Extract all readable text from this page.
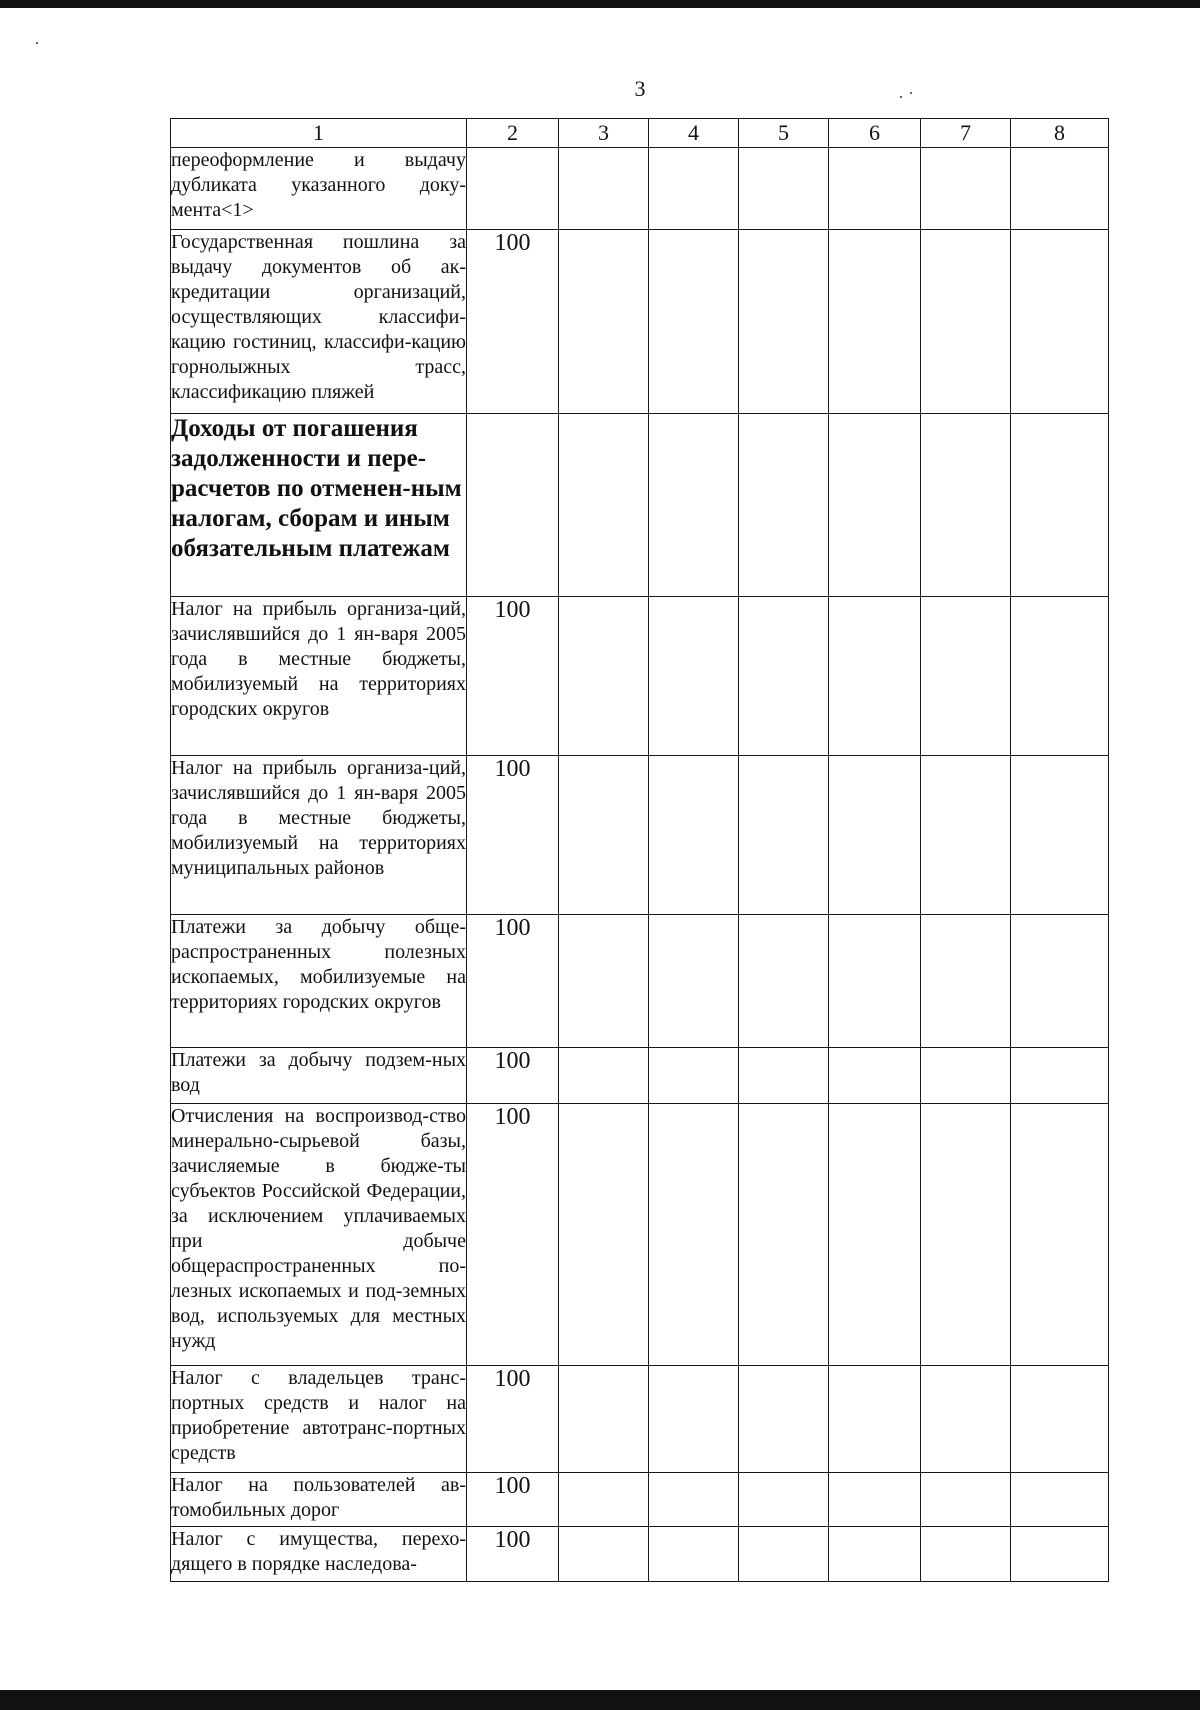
3
1	2	3	4	5	6	7	8
переоформление и выдачу дубликата указанного доку-мента<1>							
Государственная пошлина за выдачу документов об ак-кредитации организаций, осуществляющих классифи-кацию гостиниц, классифи-кацию горнолыжных трасс, классификацию пляжей	100						
Доходы от погашения задолженности и пере-расчетов по отменен-ным налогам, сборам и иным обязательным платежам							
Налог на прибыль организа-ций, зачислявшийся до 1 ян-варя 2005 года в местные бюджеты, мобилизуемый на территориях городских округов	100						
Налог на прибыль организа-ций, зачислявшийся до 1 ян-варя 2005 года в местные бюджеты, мобилизуемый на территориях муниципальных районов	100						
Платежи за добычу обще-распространенных полезных ископаемых, мобилизуемые на территориях городских округов	100						
Платежи за добычу подзем-ных вод	100						
Отчисления на воспроизвод-ство минерально-сырьевой базы, зачисляемые в бюдже-ты субъектов Российской Федерации, за исключением уплачиваемых при добыче общераспространенных по-лезных ископаемых и под-земных вод, используемых для местных нужд	100						
Налог с владельцев транс-портных средств и налог на приобретение автотранс-портных средств	100						
Налог на пользователей ав-томобильных дорог	100						
Налог с имущества, перехо-дящего в порядке наследова-	100						
